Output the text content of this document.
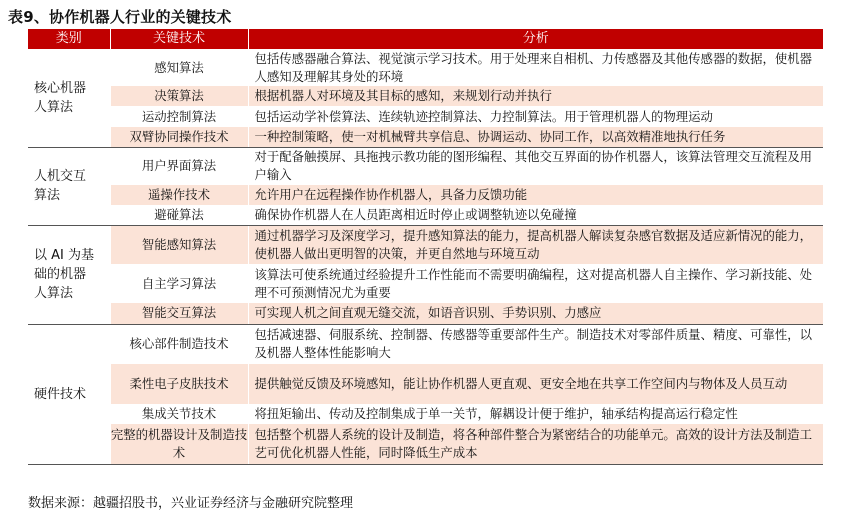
表9、协作机器人行业的关键技术
类别	关键技术	分析

核心机器人算法	感知算法	包括传感器融合算法、视觉演示学习技术。用于处理来自相机、力传感器及其他传感器的数据，使机器人感知及理解其身处的环境
	决策算法	根据机器人对环境及其目标的感知，来规划行动并执行
	运动控制算法	包括运动学补偿算法、连续轨迹控制算法、力控制算法。用于管理机器人的物理运动
	双臂协同操作技术	一种控制策略，使一对机械臂共享信息、协调运动、协同工作，以高效精准地执行任务

人机交互算法	用户界面算法	对于配备触摸屏、具拖拽示教功能的图形编程、其他交互界面的协作机器人，该算法管理交互流程及用户输入
	遥操作技术	允许用户在远程操作协作机器人，具备力反馈功能
	避碰算法	确保协作机器人在人员距离相近时停止或调整轨迹以免碰撞

以 AI 为基础的机器人算法	智能感知算法	通过机器学习及深度学习，提升感知算法的能力，提高机器人解读复杂感官数据及适应新情况的能力，使机器人做出更明智的决策，并更自然地与环境互动
	自主学习算法	该算法可使系统通过经验提升工作性能而不需要明确编程，这对提高机器人自主操作、学习新技能、处理不可预测情况尤为重要
	智能交互算法	可实现人机之间直观无缝交流，如语音识别、手势识别、力感应

硬件技术	核心部件制造技术	包括减速器、伺服系统、控制器、传感器等重要部件生产。制造技术对零部件质量、精度、可靠性，以及机器人整体性能影响大
	柔性电子皮肤技术	提供触觉反馈及环境感知，能让协作机器人更直观、更安全地在共享工作空间内与物体及人员互动
	集成关节技术	将扭矩输出、传动及控制集成于单一关节，解耦设计便于维护，轴承结构提高运行稳定性
	完整的机器设计及制造技术	包括整个机器人系统的设计及制造，将各种部件整合为紧密结合的功能单元。高效的设计方法及制造工艺可优化机器人性能，同时降低生产成本
数据来源：越疆招股书，兴业证券经济与金融研究院整理
